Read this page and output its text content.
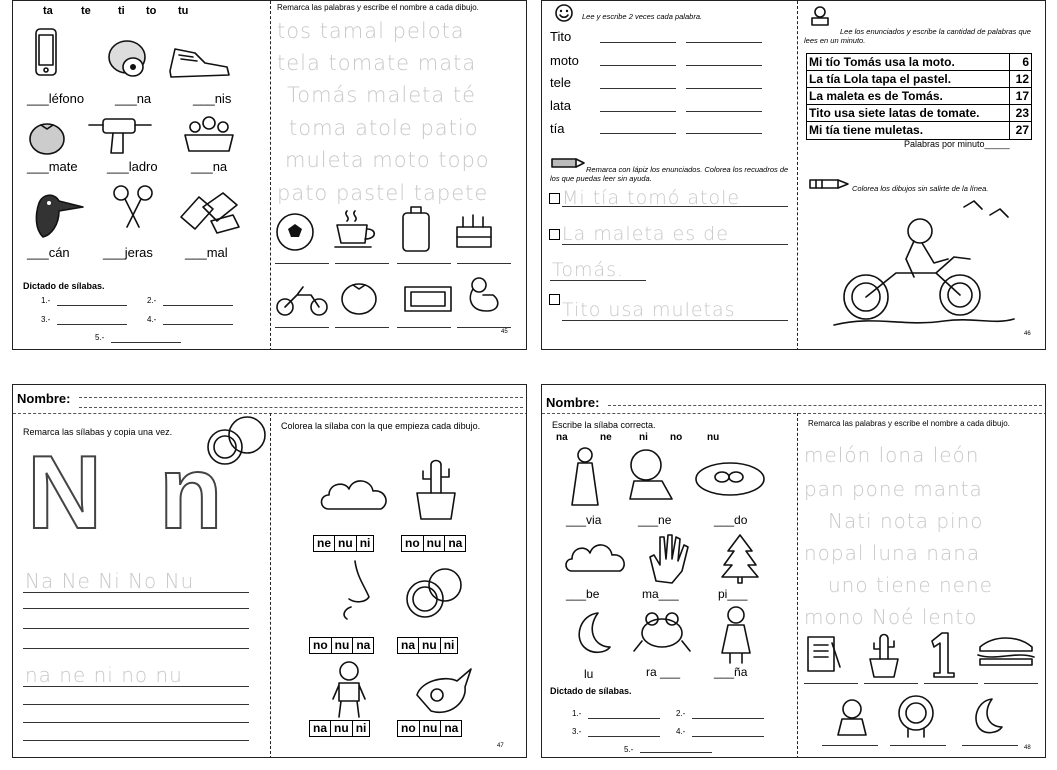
ta	te ti to tu
___léfono ___na	___nis
___mate ___ladro	___na
___cán	___jeras ___mal
Dictado de sílabas.
1.-	2.-
3.-	4.-
5.-
Remarca las palabras y escribe el nombre a cada dibujo.
tos tamal pelota
tela tomate mata
Tomás maleta té
toma atole patio
muleta moto topo
pato pastel tapete
45
Lee y escribe 2 veces cada palabra.
Tito
moto
tele
lata
tía
Remarca con lápiz los enunciados. Colorea los recuadros de los que puedas leer sin ayuda.
Mi tía tomó atole
La maleta es de
Tomás.
Tito usa muletas
Lee los enunciados y escribe la cantidad de palabras que lees en un minuto.
Mi tío Tomás usa la moto.	6
La tía Lola tapa el pastel.	12
La maleta es de Tomás.	17
Tito usa siete latas de tomate.	23
Mi tía tiene muletas.	27
Palabras por minuto_____
Colorea los dibujos sin salirte de la línea.
46
Nombre:
Remarca las sílabas y copia una vez.
N n
Na Ne Ni No Nu
na ne ni no nu
Colorea la sílaba con la que empieza cada dibujo.
ne nu ni	no nu na
no nu na	na nu ni
na nu ni	no nu na
47
Nombre:
Escribe la sílaba correcta.
na	ne	ni no nu
___via	___ne	___do
___be	ma___	pi___
lu	ra ___	___ña
Dictado de sílabas.
1.-	2.-
3.-	4.-
5.-
Remarca las palabras y escribe el nombre a cada dibujo.
melón lona león
pan pone manta
Nati nota pino
nopal luna nana
uno tiene nene
mono Noé lento
48
